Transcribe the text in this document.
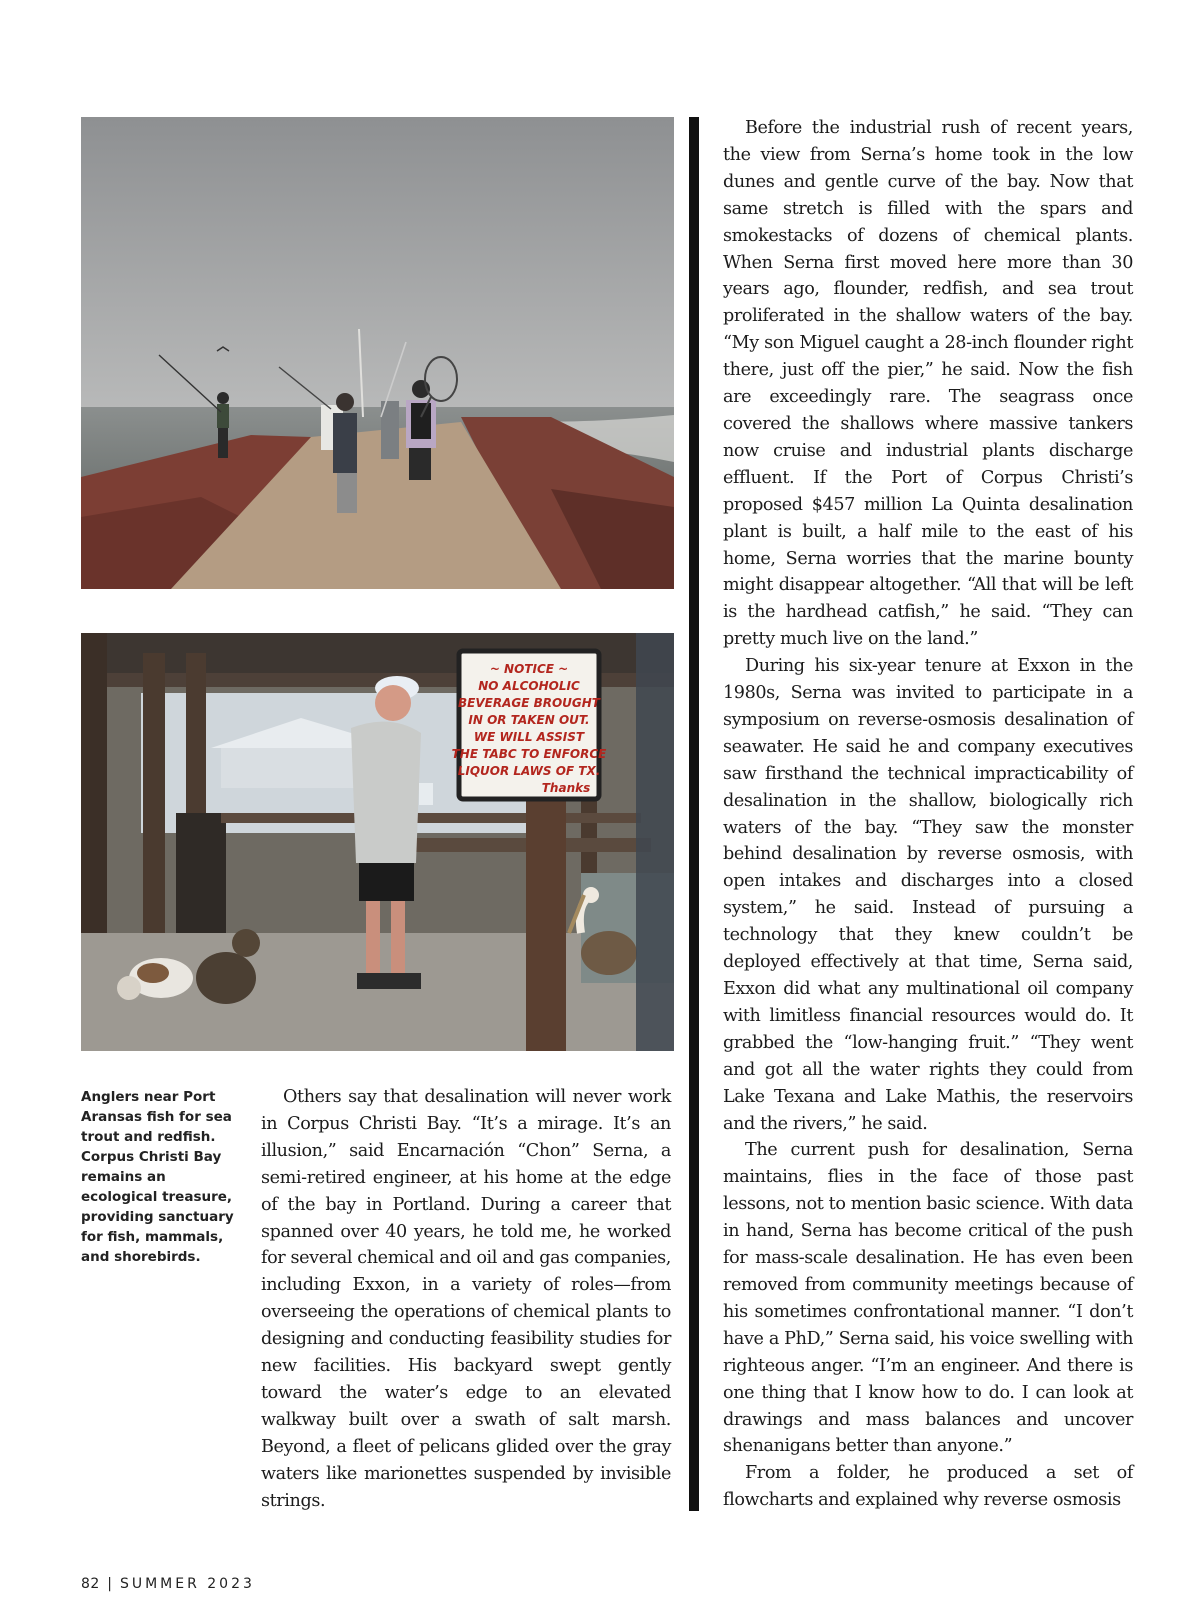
~ NOTICE ~
NO ALCOHOLIC
BEVERAGE BROUGHT
IN OR TAKEN OUT.
WE WILL ASSIST
THE TABC TO ENFORCE
LIQUOR LAWS OF TX.
Thanks
Anglers near Port Aransas fish for sea trout and redfish. Corpus Christi Bay remains an ecological treasure, providing sanctuary for fish, mammals, and shorebirds.

Others say that desalination will never work in Corpus Christi Bay. “It’s a mirage. It’s an illusion,” said Encarnación “Chon” Serna, a semi-retired engineer, at his home at the edge of the bay in Portland. During a career that spanned over 40 years, he told me, he worked for several chemical and oil and gas companies, including Exxon, in a variety of roles—from overseeing the operations of chemical plants to designing and conducting feasibility studies for new facilities. His backyard swept gently toward the water’s edge to an elevated walkway built over a swath of salt marsh. Beyond, a fleet of pelicans glided over the gray waters like marionettes suspended by invisible strings.

Before the industrial rush of recent years, the view from Serna’s home took in the low dunes and gentle curve of the bay. Now that same stretch is filled with the spars and smokestacks of dozens of chemical plants. When Serna first moved here more than 30 years ago, flounder, redfish, and sea trout proliferated in the shallow waters of the bay. “My son Miguel caught a 28-inch flounder right there, just off the pier,” he said. Now the fish are exceedingly rare. The seagrass once covered the shallows where massive tankers now cruise and industrial plants discharge effluent. If the Port of Corpus Christi’s proposed $457 million La Quinta desalination plant is built, a half mile to the east of his home, Serna worries that the marine bounty might disappear altogether. “All that will be left is the hardhead catfish,” he said. “They can pretty much live on the land.”

During his six-year tenure at Exxon in the 1980s, Serna was invited to participate in a symposium on reverse-osmosis desalination of seawater. He said he and company executives saw firsthand the technical impracticability of desalination in the shallow, biologically rich waters of the bay. “They saw the monster behind desalination by reverse osmosis, with open intakes and discharges into a closed system,” he said. Instead of pursuing a technology that they knew couldn’t be deployed effectively at that time, Serna said, Exxon did what any multinational oil company with limitless financial resources would do. It grabbed the “low-hanging fruit.” “They went and got all the water rights they could from Lake Texana and Lake Mathis, the reservoirs and the rivers,” he said.

The current push for desalination, Serna maintains, flies in the face of those past lessons, not to mention basic science. With data in hand, Serna has become critical of the push for mass-scale desalination. He has even been removed from community meetings because of his sometimes confrontational manner. “I don’t have a PhD,” Serna said, his voice swelling with righteous anger. “I’m an engineer. And there is one thing that I know how to do. I can look at drawings and mass balances and uncover shenanigans better than anyone.”

From a folder, he produced a set of flowcharts and explained why reverse osmosis

82 | SUMMER 2023
